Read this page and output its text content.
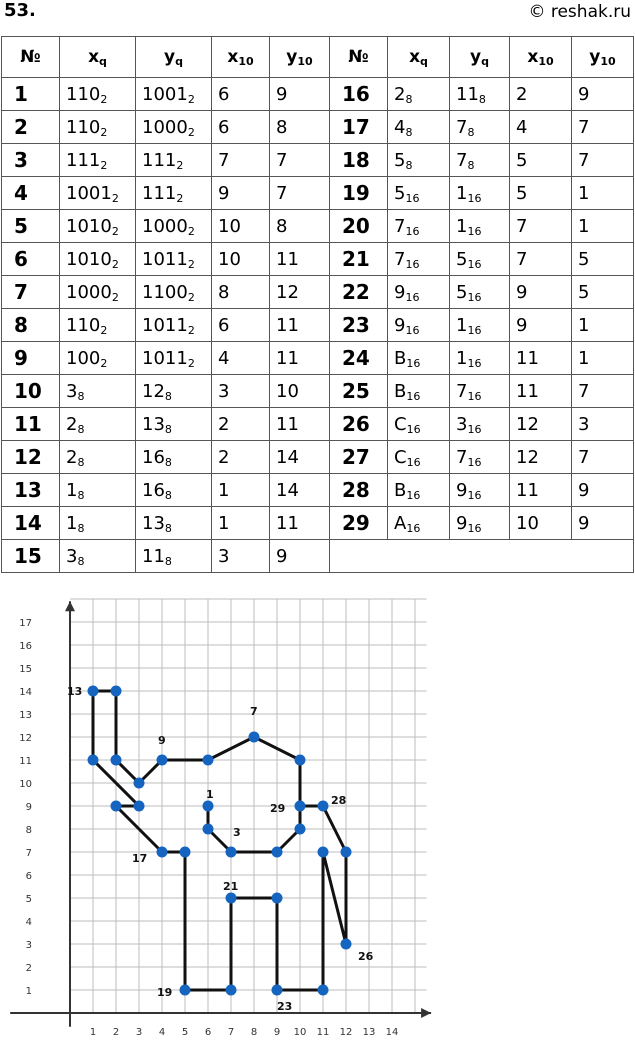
53.	© reshak.ru
№	$x_q$	$y_q$	$x_{10}$	$y_{10}$	№	$x_q$	$y_q$	$x_{10}$	$y_{10}$
1	$110_2$	$1001_2$	6	9	16	$2_8$	$11_8$	2	9
2	$110_2$	$1000_2$	6	8	17	$4_8$	$7_8$	4	7
3	$111_2$	$111_2$	7	7	18	$5_8$	$7_8$	5	7
4	$1001_2$	$111_2$	9	7	19	$5_{16}$	$1_{16}$	5	1
5	$1010_2$	$1000_2$	10	8	20	$7_{16}$	$1_{16}$	7	1
6	$1010_2$	$1011_2$	10	11	21	$7_{16}$	$5_{16}$	7	5
7	$1000_2$	$1100_2$	8	12	22	$9_{16}$	$5_{16}$	9	5
8	$110_2$	$1011_2$	6	11	23	$9_{16}$	$1_{16}$	9	1
9	$100_2$	$1011_2$	4	11	24	$B_{16}$	$1_{16}$	11	1
10	$3_8$	$12_8$	3	10	25	$B_{16}$	$7_{16}$	11	7
11	$2_8$	$13_8$	2	11	26	$C_{16}$	$3_{16}$	12	3
12	$2_8$	$16_8$	2	14	27	$C_{16}$	$7_{16}$	12	7
13	$1_8$	$16_8$	1	14	28	$B_{16}$	$9_{16}$	11	9
14	$1_8$	$13_8$	1	11	29	$A_{16}$	$9_{16}$	10	9
15	$3_8$	$11_8$	3	9					
1 2 3 4 5 6 7 8 9 10 11 12 13 14
1
2
3
4
5
6
7
8
9
10
11
12
13
14
15
16
17
1
3
7
9
13
17
19
21
23
26
28
29
